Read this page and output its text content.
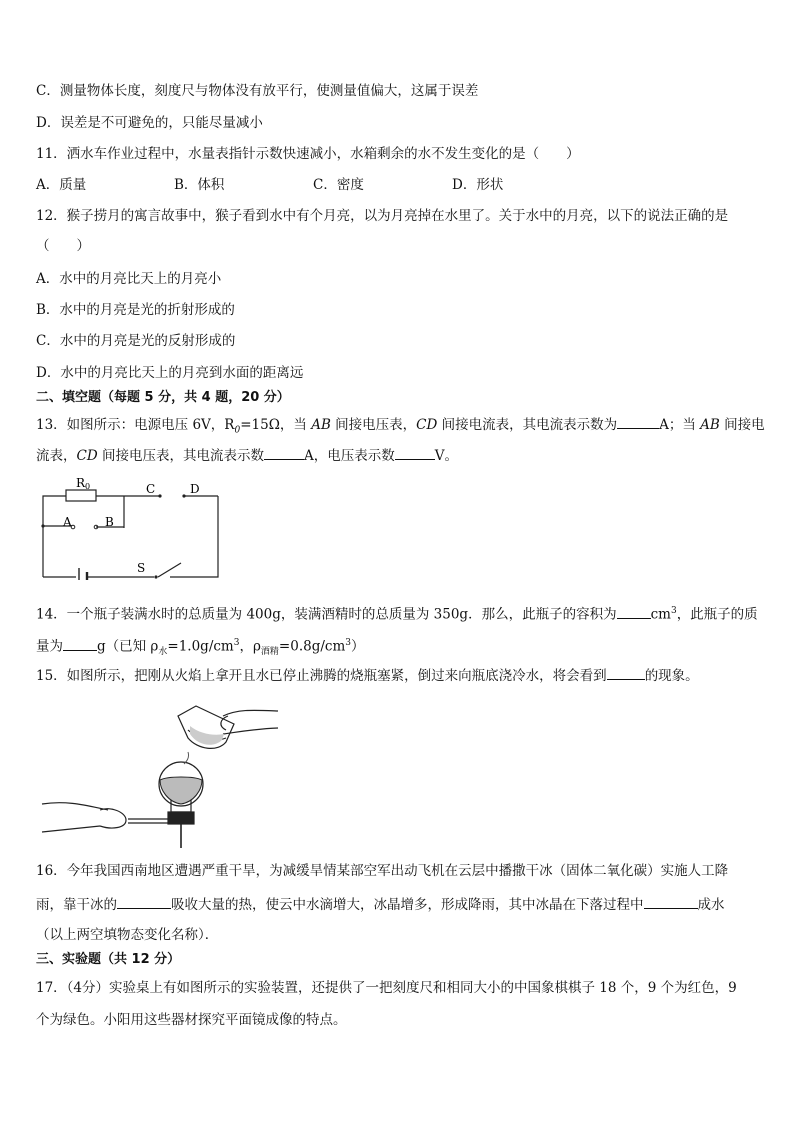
C．测量物体长度，刻度尺与物体没有放平行，使测量值偏大，这属于误差
D．误差是不可避免的，只能尽量减小
11．洒水车作业过程中，水量表指针示数快速减小，水箱剩余的水不发生变化的是（　　）
A．质量	B．体积	C．密度	D．形状
12．猴子捞月的寓言故事中，猴子看到水中有个月亮，以为月亮掉在水里了。关于水中的月亮，以下的说法正确的是
（　　）
A．水中的月亮比天上的月亮小
B．水中的月亮是光的折射形成的
C．水中的月亮是光的反射形成的
D．水中的月亮比天上的月亮到水面的距离远
二、填空题（每题 5 分，共 4 题，20 分）
13．如图所示：电源电压 6V，$R_0=15\Omega$，当 AB 间接电压表，CD 间接电流表，其电流表示数为	A；当 AB 间接电
流表，CD 间接电压表，其电流表示数	A，电压表示数	V。
R0
A	B
C	D
S
14．一个瓶子装满水时的总质量为 400g，装满酒精时的总质量为 350g．那么，此瓶子的容积为	$cm^3$，此瓶子的质
量为	g（已知 $\rho_水=1.0g/cm^3$，$\rho_{酒精}=0.8g/cm^3$）
15．如图所示，把刚从火焰上拿开且水已停止沸腾的烧瓶塞紧，倒过来向瓶底浇冷水，将会看到	的现象。
16．今年我国西南地区遭遇严重干旱，为减缓旱情某部空军出动飞机在云层中播撒干冰（固体二氧化碳）实施人工降
雨，靠干冰的	吸收大量的热，使云中水滴增大，冰晶增多，形成降雨，其中冰晶在下落过程中	成水
（以上两空填物态变化名称）．
三、实验题（共 12 分）
17．（4分）实验桌上有如图所示的实验装置，还提供了一把刻度尺和相同大小的中国象棋棋子 18 个，9 个为红色，9
个为绿色。小阳用这些器材探究平面镜成像的特点。
